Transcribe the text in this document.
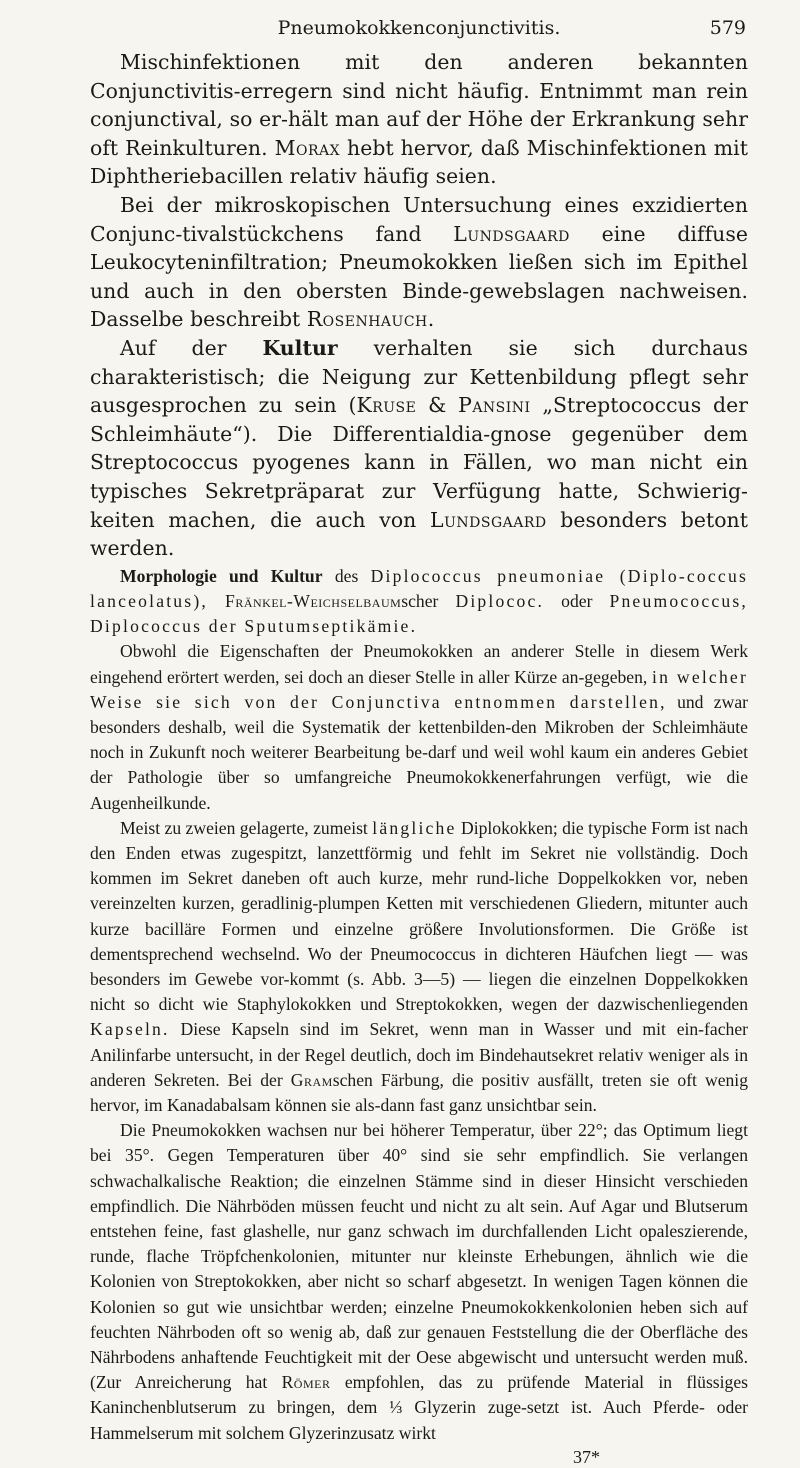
Pneumokokkenconjunctivitis.	579

Mischinfektionen mit den anderen bekannten Conjunctivitis-erregern sind nicht häufig. Entnimmt man rein conjunctival, so er-hält man auf der Höhe der Erkrankung sehr oft Reinkulturen. Morax hebt hervor, daß Mischinfektionen mit Diphtheriebacillen relativ häufig seien.

Bei der mikroskopischen Untersuchung eines exzidierten Conjunc-tivalstückchens fand Lundsgaard eine diffuse Leukocyteninfiltration; Pneumokokken ließen sich im Epithel und auch in den obersten Binde-gewebslagen nachweisen. Dasselbe beschreibt Rosenhauch.

Auf der Kultur verhalten sie sich durchaus charakteristisch; die Neigung zur Kettenbildung pflegt sehr ausgesprochen zu sein (Kruse & Pansini „Streptococcus der Schleimhäute“). Die Differentialdia-gnose gegenüber dem Streptococcus pyogenes kann in Fällen, wo man nicht ein typisches Sekretpräparat zur Verfügung hatte, Schwierig-keiten machen, die auch von Lundsgaard besonders betont werden.

Morphologie und Kultur des Diplococcus pneumoniae (Diplo-coccus lanceolatus), Fränkel-Weichselbaumscher Diplococ. oder Pneumococcus, Diplococcus der Sputumseptikämie.

Obwohl die Eigenschaften der Pneumokokken an anderer Stelle in diesem Werk eingehend erörtert werden, sei doch an dieser Stelle in aller Kürze an-gegeben, in welcher Weise sie sich von der Conjunctiva entnommen darstellen, und zwar besonders deshalb, weil die Systematik der kettenbilden-den Mikroben der Schleimhäute noch in Zukunft noch weiterer Bearbeitung be-darf und weil wohl kaum ein anderes Gebiet der Pathologie über so umfangreiche Pneumokokkenerfahrungen verfügt, wie die Augenheilkunde.

Meist zu zweien gelagerte, zumeist längliche Diplokokken; die typische Form ist nach den Enden etwas zugespitzt, lanzettförmig und fehlt im Sekret nie vollständig. Doch kommen im Sekret daneben oft auch kurze, mehr rund-liche Doppelkokken vor, neben vereinzelten kurzen, geradlinig-plumpen Ketten mit verschiedenen Gliedern, mitunter auch kurze bacilläre Formen und einzelne größere Involutionsformen. Die Größe ist dementsprechend wechselnd. Wo der Pneumococcus in dichteren Häufchen liegt — was besonders im Gewebe vor-kommt (s. Abb. 3—5) — liegen die einzelnen Doppelkokken nicht so dicht wie Staphylokokken und Streptokokken, wegen der dazwischenliegenden Kapseln. Diese Kapseln sind im Sekret, wenn man in Wasser und mit ein-facher Anilinfarbe untersucht, in der Regel deutlich, doch im Bindehautsekret relativ weniger als in anderen Sekreten. Bei der Gramschen Färbung, die positiv ausfällt, treten sie oft wenig hervor, im Kanadabalsam können sie als-dann fast ganz unsichtbar sein.

Die Pneumokokken wachsen nur bei höherer Temperatur, über 22°; das Optimum liegt bei 35°. Gegen Temperaturen über 40° sind sie sehr empfindlich. Sie verlangen schwachalkalische Reaktion; die einzelnen Stämme sind in dieser Hinsicht verschieden empfindlich. Die Nährböden müssen feucht und nicht zu alt sein. Auf Agar und Blutserum entstehen feine, fast glashelle, nur ganz schwach im durchfallenden Licht opaleszierende, runde, flache Tröpfchenkolonien, mitunter nur kleinste Erhebungen, ähnlich wie die Kolonien von Streptokokken, aber nicht so scharf abgesetzt. In wenigen Tagen können die Kolonien so gut wie unsichtbar werden; einzelne Pneumokokkenkolonien heben sich auf feuchten Nährboden oft so wenig ab, daß zur genauen Feststellung die der Oberfläche des Nährbodens anhaftende Feuchtigkeit mit der Oese abgewischt und untersucht werden muß. (Zur Anreicherung hat Römer empfohlen, das zu prüfende Material in flüssiges Kaninchenblutserum zu bringen, dem ⅓ Glyzerin zuge-setzt ist. Auch Pferde- oder Hammelserum mit solchem Glyzerinzusatz wirkt

37*
